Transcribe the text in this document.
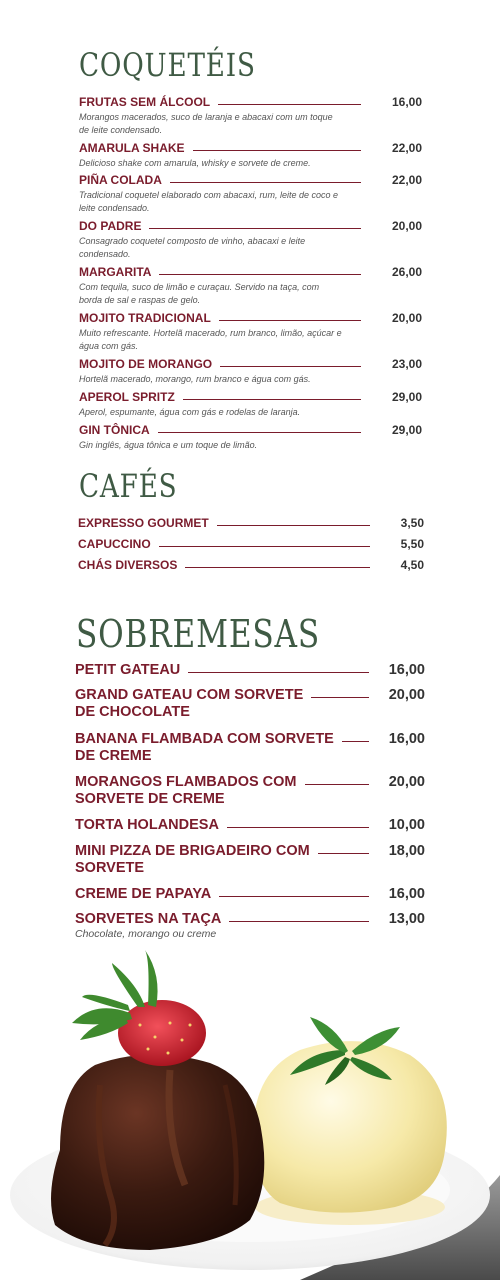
COQUETÉIS
FRUTAS SEM ÁLCOOL	16,00
Morangos macerados, suco de laranja e abacaxi com um toque de leite condensado.
AMARULA SHAKE	22,00
Delicioso shake com amarula, whisky e sorvete de creme.
PIÑA COLADA	22,00
Tradicional coquetel elaborado com abacaxi, rum, leite de coco e leite condensado.
DO PADRE	20,00
Consagrado coquetel composto de vinho, abacaxi e leite condensado.
MARGARITA	26,00
Com tequila, suco de limão e curaçau. Servido na taça, com borda de sal e raspas de gelo.
MOJITO TRADICIONAL	20,00
Muito refrescante. Hortelã macerado, rum branco, limão, açúcar e água com gás.
MOJITO DE MORANGO	23,00
Hortelã macerado, morango, rum branco e água com gás.
APEROL SPRITZ	29,00
Aperol, espumante, água com gás e rodelas de laranja.
GIN TÔNICA	29,00
Gin inglês, água tônica e um toque de limão.
CAFÉS
EXPRESSO GOURMET	3,50
CAPUCCINO	5,50
CHÁS DIVERSOS	4,50
SOBREMESAS
PETIT GATEAU	16,00
GRAND GATEAU COM SORVETE	20,00
DE CHOCOLATE
BANANA FLAMBADA COM SORVETE	16,00
DE CREME
MORANGOS FLAMBADOS COM	20,00
SORVETE DE CREME
TORTA HOLANDESA	10,00
MINI PIZZA DE BRIGADEIRO COM	18,00
SORVETE
CREME DE PAPAYA	16,00
SORVETES NA TAÇA	13,00
Chocolate, morango ou creme
